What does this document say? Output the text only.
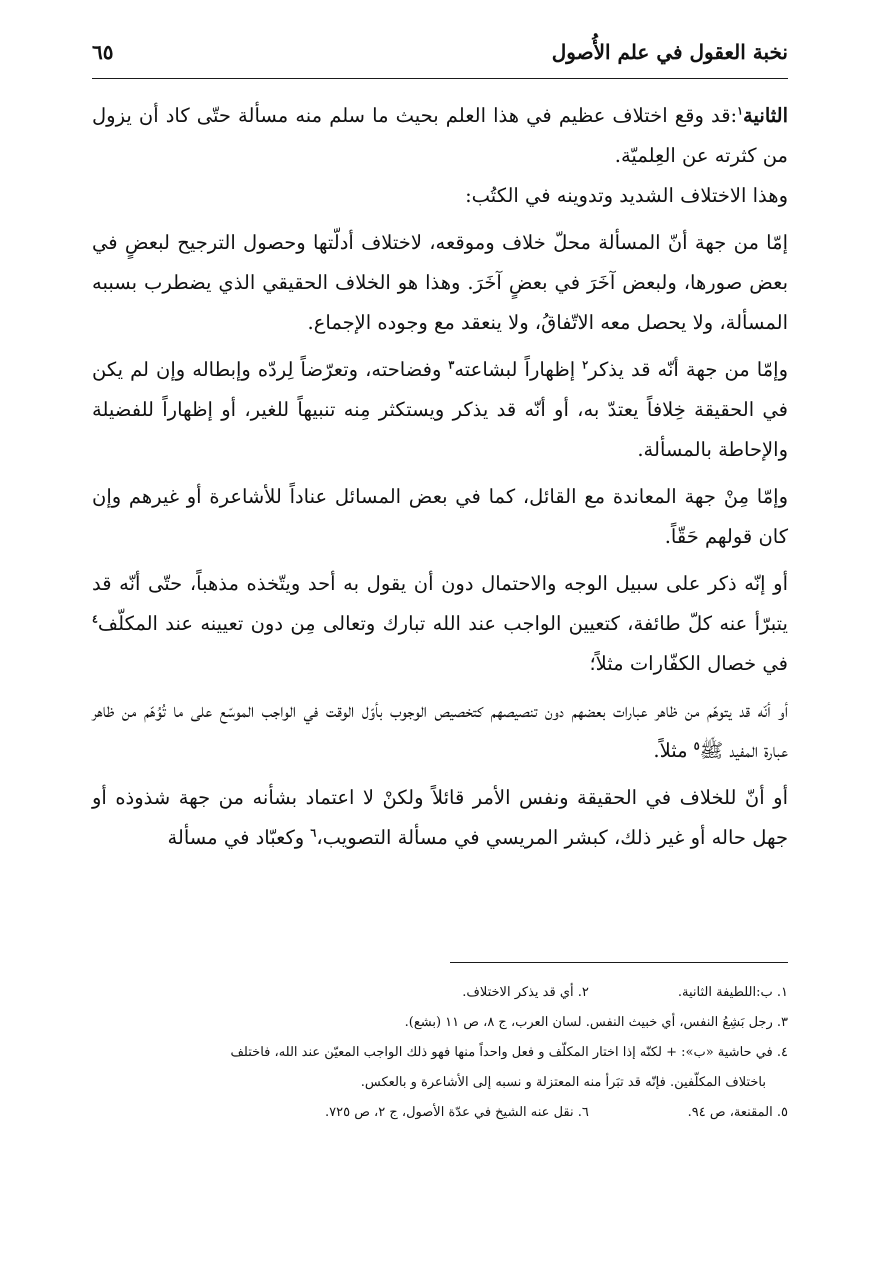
نخبة العقول في علم الأُصول
٦٥

الثانية$^١$:قد وقع اختلاف عظيم في هذا العلم بحيث ما سلم منه مسألة حتّى كاد أن يزول من كثرته عن العِلميّة.

وهذا الاختلاف الشديد وتدوينه في الكتُب:

إمّا من جهة أنّ المسألة محلّ خلاف وموقعه، لاختلاف أدلّتها وحصول الترجيح لبعضٍ في بعض صورها، ولبعض آخَرَ في بعضٍ آخَرَ. وهذا هو الخلاف الحقيقي الذي يضطرب بسببه المسألة، ولا يحصل معه الاتّفاقُ، ولا ينعقد مع وجوده الإجماع.

وإمّا من جهة أنّه قد يذكر$^٢$ إظهاراً لبشاعته$^٣$ وفضاحته، وتعرّضاً لِردّه وإبطاله وإن لم يكن في الحقيقة خِلافاً يعتدّ به، أو أنّه قد يذكر ويستكثر مِنه تنبيهاً للغير، أو إظهاراً للفضيلة والإحاطة بالمسألة.

وإمّا مِنْ جهة المعاندة مع القائل، كما في بعض المسائل عناداً للأشاعرة أو غيرهم وإن كان قولهم حَقّاً.

أو إنّه ذكر على سبيل الوجه والاحتمال دون أن يقول به أحد ويتّخذه مذهباً، حتّى أنّه قد يتبرّأ عنه كلّ طائفة، كتعيين الواجب عند الله تبارك وتعالى مِن دون تعيينه عند المكلّف$^٤$ في خصال الكفّارات مثلاً؛

أو أنّه قد يتوهّم من ظاهر عبارات بعضهم دون تنصيصهم كتخصيص الوجوب بأوّل الوقت في الواجب الموسّع على ما تُوُهّم من ظاهر عبارة المفيد ﷺ$^٥$ مثلاً.

أو أنّ للخلاف في الحقيقة ونفس الأمر قائلاً ولكنْ لا اعتماد بشأنه من جهة شذوذه أو جهل حاله أو غير ذلك، كبشر المريسي في مسألة التصويب،$^٦$ وكعبّاد في مسألة

١. ب:اللطيفة الثانية. ٢. أي قد يذكر الاختلاف.
٣. رجل بَشِعُ النفس، أي خبيث النفس. لسان العرب، ج ٨، ص ١١ (بشع).
٤. في حاشية «ب»: + لكنّه إذا اختار المكلّف و فعل واحداً منها فهو ذلك الواجب المعيّن عند الله، فاختلف
باختلاف المكلّفين. فإنّه قد تبَرأ منه المعتزلة و نسبه إلى الأشاعرة و بالعكس.
٥. المقنعة، ص ٩٤. ٦. نقل عنه الشيخ في عدّة الأصول، ج ٢، ص ٧٢٥.
